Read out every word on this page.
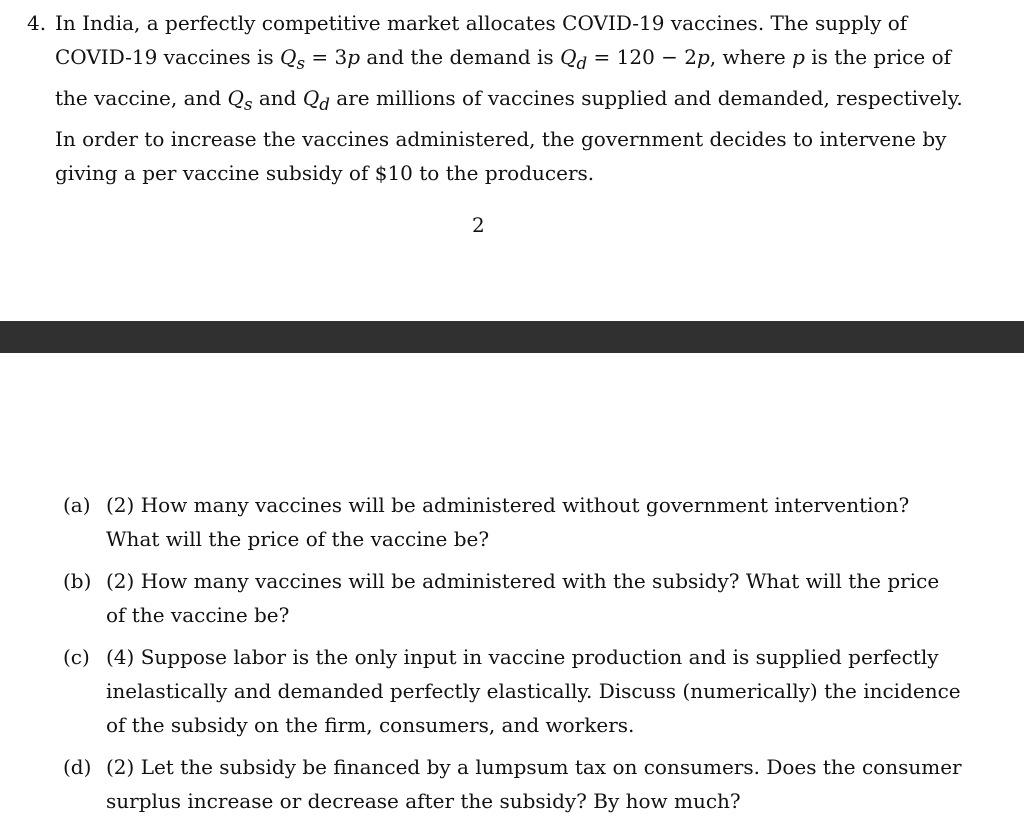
4. In India, a perfectly competitive market allocates COVID-19 vaccines. The supply of
COVID-19 vaccines is $Q_s = 3p$ and the demand is $Q_d = 120 - 2p$, where p is the price of the vaccine, and $Q_s$ and $Q_d$ are millions of vaccines supplied and demanded, respectively. In order to increase the vaccines administered, the government decides to intervene by giving a per vaccine subsidy of $10 to the producers.
2
(a) (2) How many vaccines will be administered without government intervention? What will the price of the vaccine be?
(b) (2) How many vaccines will be administered with the subsidy? What will the price of the vaccine be?
(c) (4) Suppose labor is the only input in vaccine production and is supplied perfectly inelastically and demanded perfectly elastically. Discuss (numerically) the incidence of the subsidy on the firm, consumers, and workers.
(d) (2) Let the subsidy be financed by a lumpsum tax on consumers. Does the consumer surplus increase or decrease after the subsidy? By how much?
